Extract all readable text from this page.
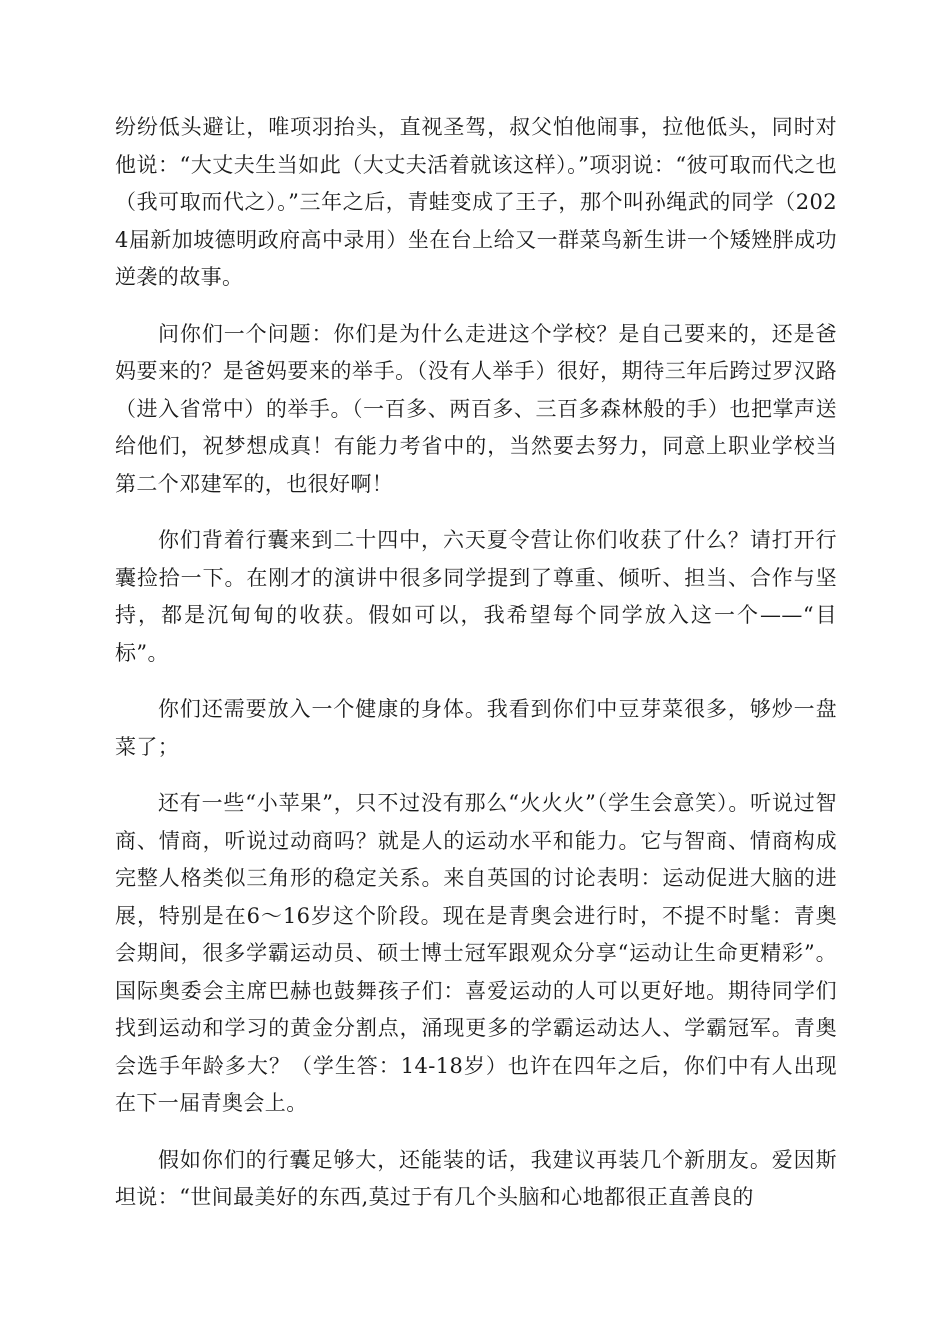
纷纷低头避让，唯项羽抬头，直视圣驾，叔父怕他闹事，拉他低头，同时对他说：“大丈夫生当如此（大丈夫活着就该这样）。”项羽说：“彼可取而代之也（我可取而代之）。”三年之后，青蛙变成了王子，那个叫孙绳武的同学（2024届新加坡德明政府高中录用）坐在台上给又一群菜鸟新生讲一个矮矬胖成功逆袭的故事。

问你们一个问题：你们是为什么走进这个学校？是自己要来的，还是爸妈要来的？是爸妈要来的举手。（没有人举手）很好，期待三年后跨过罗汉路（进入省常中）的举手。（一百多、两百多、三百多森林般的手）也把掌声送给他们，祝梦想成真！有能力考省中的，当然要去努力，同意上职业学校当第二个邓建军的，也很好啊！

你们背着行囊来到二十四中，六天夏令营让你们收获了什么？请打开行囊捡拾一下。在刚才的演讲中很多同学提到了尊重、倾听、担当、合作与坚持，都是沉甸甸的收获。假如可以，我希望每个同学放入这一个——“目标”。

你们还需要放入一个健康的身体。我看到你们中豆芽菜很多，够炒一盘菜了；

还有一些“小苹果”，只不过没有那么“火火火”（学生会意笑）。听说过智商、情商，听说过动商吗？就是人的运动水平和能力。它与智商、情商构成完整人格类似三角形的稳定关系。来自英国的讨论表明：运动促进大脑的进展，特别是在6～16岁这个阶段。现在是青奥会进行时，不提不时髦：青奥会期间，很多学霸运动员、硕士博士冠军跟观众分享“运动让生命更精彩”。国际奥委会主席巴赫也鼓舞孩子们：喜爱运动的人可以更好地。期待同学们找到运动和学习的黄金分割点，涌现更多的学霸运动达人、学霸冠军。青奥会选手年龄多大？（学生答：14-18岁）也许在四年之后，你们中有人出现在下一届青奥会上。

假如你们的行囊足够大，还能装的话，我建议再装几个新朋友。爱因斯坦说：“世间最美好的东西,莫过于有几个头脑和心地都很正直善良的
